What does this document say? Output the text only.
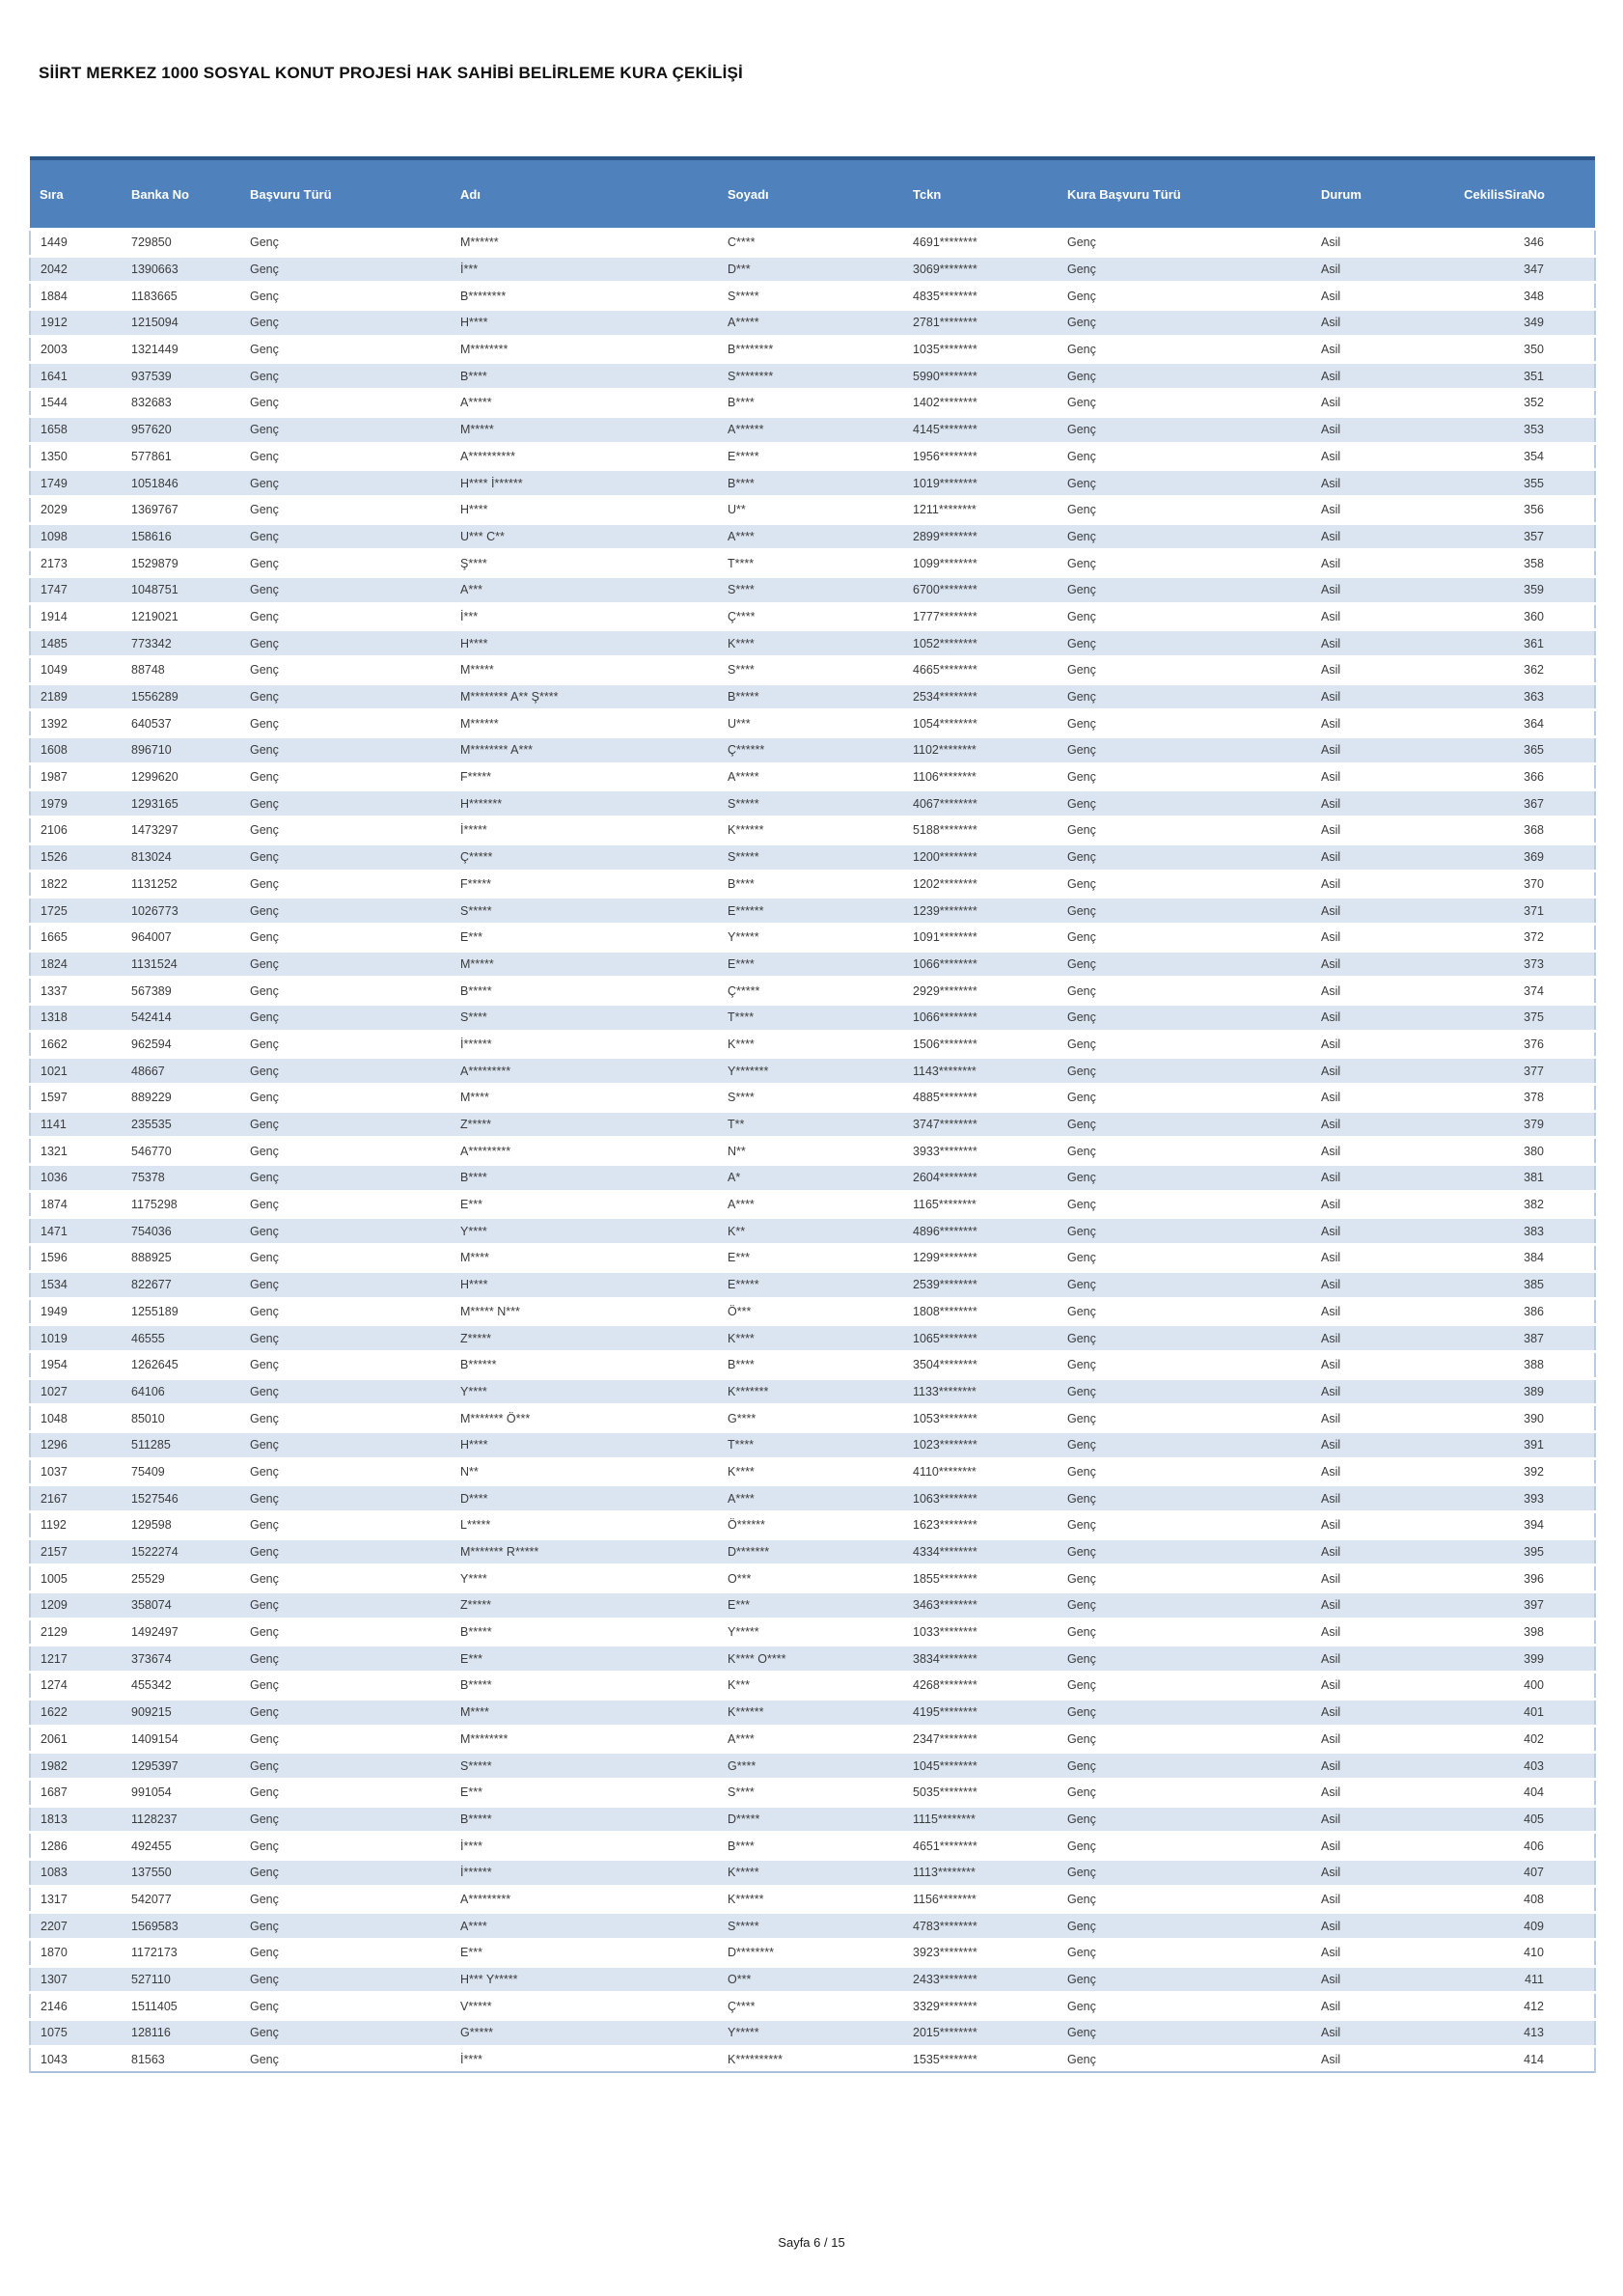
SİİRT MERKEZ 1000 SOSYAL KONUT PROJESİ HAK SAHİBİ BELİRLEME KURA ÇEKİLİŞİ
Sıra	Banka No	Başvuru Türü	Adı	Soyadı	Tckn	Kura Başvuru Türü	Durum	CekilisSiraNo
1449	729850	Genç	M******	C****	4691********	Genç	Asil	346
2042	1390663	Genç	İ***	D***	3069********	Genç	Asil	347
1884	1183665	Genç	B********	S*****	4835********	Genç	Asil	348
1912	1215094	Genç	H****	A*****	2781********	Genç	Asil	349
2003	1321449	Genç	M********	B********	1035********	Genç	Asil	350
1641	937539	Genç	B****	S********	5990********	Genç	Asil	351
1544	832683	Genç	A*****	B****	1402********	Genç	Asil	352
1658	957620	Genç	M*****	A******	4145********	Genç	Asil	353
1350	577861	Genç	A**********	E*****	1956********	Genç	Asil	354
1749	1051846	Genç	H**** İ******	B****	1019********	Genç	Asil	355
2029	1369767	Genç	H****	U**	1211********	Genç	Asil	356
1098	158616	Genç	U*** C**	A****	2899********	Genç	Asil	357
2173	1529879	Genç	Ş****	T****	1099********	Genç	Asil	358
1747	1048751	Genç	A***	S****	6700********	Genç	Asil	359
1914	1219021	Genç	İ***	Ç****	1777********	Genç	Asil	360
1485	773342	Genç	H****	K****	1052********	Genç	Asil	361
1049	88748	Genç	M*****	S****	4665********	Genç	Asil	362
2189	1556289	Genç	M******** A** Ş****	B*****	2534********	Genç	Asil	363
1392	640537	Genç	M******	U***	1054********	Genç	Asil	364
1608	896710	Genç	M******** A***	Ç******	1102********	Genç	Asil	365
1987	1299620	Genç	F*****	A*****	1106********	Genç	Asil	366
1979	1293165	Genç	H*******	S*****	4067********	Genç	Asil	367
2106	1473297	Genç	İ*****	K******	5188********	Genç	Asil	368
1526	813024	Genç	Ç*****	S*****	1200********	Genç	Asil	369
1822	1131252	Genç	F*****	B****	1202********	Genç	Asil	370
1725	1026773	Genç	S*****	E******	1239********	Genç	Asil	371
1665	964007	Genç	E***	Y*****	1091********	Genç	Asil	372
1824	1131524	Genç	M*****	E****	1066********	Genç	Asil	373
1337	567389	Genç	B*****	Ç*****	2929********	Genç	Asil	374
1318	542414	Genç	S****	T****	1066********	Genç	Asil	375
1662	962594	Genç	İ******	K****	1506********	Genç	Asil	376
1021	48667	Genç	A*********	Y*******	1143********	Genç	Asil	377
1597	889229	Genç	M****	S****	4885********	Genç	Asil	378
1141	235535	Genç	Z*****	T**	3747********	Genç	Asil	379
1321	546770	Genç	A*********	N**	3933********	Genç	Asil	380
1036	75378	Genç	B****	A*	2604********	Genç	Asil	381
1874	1175298	Genç	E***	A****	1165********	Genç	Asil	382
1471	754036	Genç	Y****	K**	4896********	Genç	Asil	383
1596	888925	Genç	M****	E***	1299********	Genç	Asil	384
1534	822677	Genç	H****	E*****	2539********	Genç	Asil	385
1949	1255189	Genç	M***** N***	Ö***	1808********	Genç	Asil	386
1019	46555	Genç	Z*****	K****	1065********	Genç	Asil	387
1954	1262645	Genç	B******	B****	3504********	Genç	Asil	388
1027	64106	Genç	Y****	K*******	1133********	Genç	Asil	389
1048	85010	Genç	M******* Ö***	G****	1053********	Genç	Asil	390
1296	511285	Genç	H****	T****	1023********	Genç	Asil	391
1037	75409	Genç	N**	K****	4110********	Genç	Asil	392
2167	1527546	Genç	D****	A****	1063********	Genç	Asil	393
1192	129598	Genç	L*****	Ö******	1623********	Genç	Asil	394
2157	1522274	Genç	M******* R*****	D*******	4334********	Genç	Asil	395
1005	25529	Genç	Y****	O***	1855********	Genç	Asil	396
1209	358074	Genç	Z*****	E***	3463********	Genç	Asil	397
2129	1492497	Genç	B*****	Y*****	1033********	Genç	Asil	398
1217	373674	Genç	E***	K**** O****	3834********	Genç	Asil	399
1274	455342	Genç	B*****	K***	4268********	Genç	Asil	400
1622	909215	Genç	M****	K******	4195********	Genç	Asil	401
2061	1409154	Genç	M********	A****	2347********	Genç	Asil	402
1982	1295397	Genç	S*****	G****	1045********	Genç	Asil	403
1687	991054	Genç	E***	S****	5035********	Genç	Asil	404
1813	1128237	Genç	B*****	D*****	1115********	Genç	Asil	405
1286	492455	Genç	İ****	B****	4651********	Genç	Asil	406
1083	137550	Genç	İ******	K*****	1113********	Genç	Asil	407
1317	542077	Genç	A*********	K******	1156********	Genç	Asil	408
2207	1569583	Genç	A****	S*****	4783********	Genç	Asil	409
1870	1172173	Genç	E***	D********	3923********	Genç	Asil	410
1307	527110	Genç	H*** Y*****	O***	2433********	Genç	Asil	411
2146	1511405	Genç	V*****	Ç****	3329********	Genç	Asil	412
1075	128116	Genç	G*****	Y*****	2015********	Genç	Asil	413
1043	81563	Genç	İ****	K**********	1535********	Genç	Asil	414
Sayfa 6 / 15
